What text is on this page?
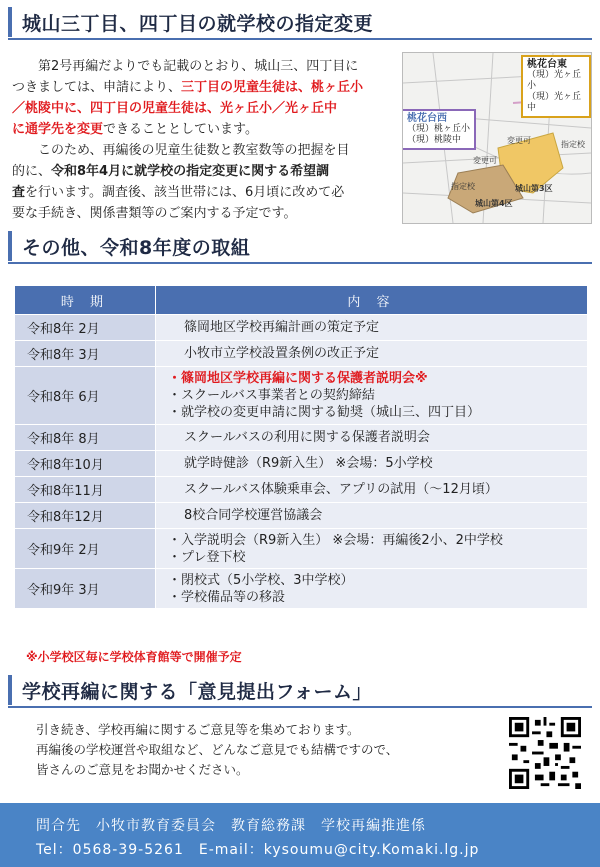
城山三丁目、四丁目の就学校の指定変更
第2号再編だよりでも記載のとおり、城山三、四丁目に
つきましては、申請により、三丁目の児童生徒は、桃ヶ丘小
／桃陵中に、四丁目の児童生徒は、光ヶ丘小／光ヶ丘中
に通学先を変更できることとしています。
このため、再編後の児童生徒数と教室数等の把握を目
的に、令和8年4月に就学校の指定変更に関する希望調
査を行います。調査後、該当世帯には、6月頃に改めて必
要な手続き、関係書類等のご案内する予定です。
桃花台東
（現）光ヶ丘小
（現）光ヶ丘中
桃花台西
（現）桃ヶ丘小
（現）桃陵中	変更可
変更可
指定校
指定校	城山第3区
城山第4区
その他、令和8年度の取組
時 期	内 容
令和8年 2月	篠岡地区学校再編計画の策定予定

令和8年 3月	小牧市立学校設置条例の改正予定

令和8年 6月	・篠岡地区学校再編に関する保護者説明会※
・スクールバス事業者との契約締結
・就学校の変更申請に関する勧奨（城山三、四丁目）

令和8年 8月	スクールバスの利用に関する保護者説明会

令和8年10月	就学時健診（R9新入生） ※会場：5小学校

令和8年11月	スクールバス体験乗車会、アプリの試用（～12月頃）

令和8年12月	8校合同学校運営協議会

令和9年 2月	・入学説明会（R9新入生） ※会場：再編後2小、2中学校
・プレ登下校

令和9年 3月	・閉校式（5小学校、3中学校）
・学校備品等の移設
※小学校区毎に学校体育館等で開催予定
学校再編に関する「意見提出フォーム」
引き続き、学校再編に関するご意見等を集めております。
再編後の学校運営や取組など、どんなご意見でも結構ですので、
皆さんのご意見をお聞かせください。
問合先　小牧市教育委員会　教育総務課　学校再編推進係
Tel：0568-39-5261　E-mail：kysoumu@city.Komaki.lg.jp
